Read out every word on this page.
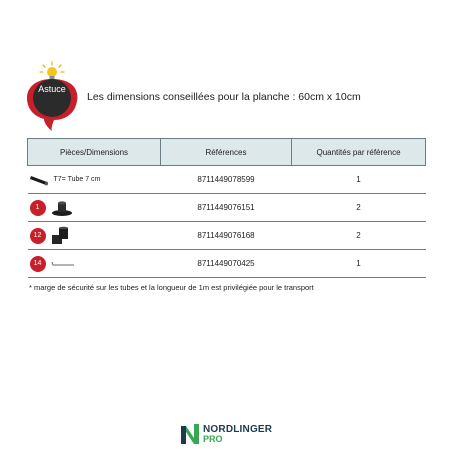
Astuce
Les dimensions conseillées pour la planche : 60cm x 10cm
Pièces/Dimensions	Références	Quantités par référence

T7= Tube 7 cm	8711449078599	1

1	8711449076151	2

12	8711449076168	2

14	8711449070425	1
* marge de sécurité sur les tubes et la longueur de 1m est privilégiée pour le transport
NORDLINGER
PRO
